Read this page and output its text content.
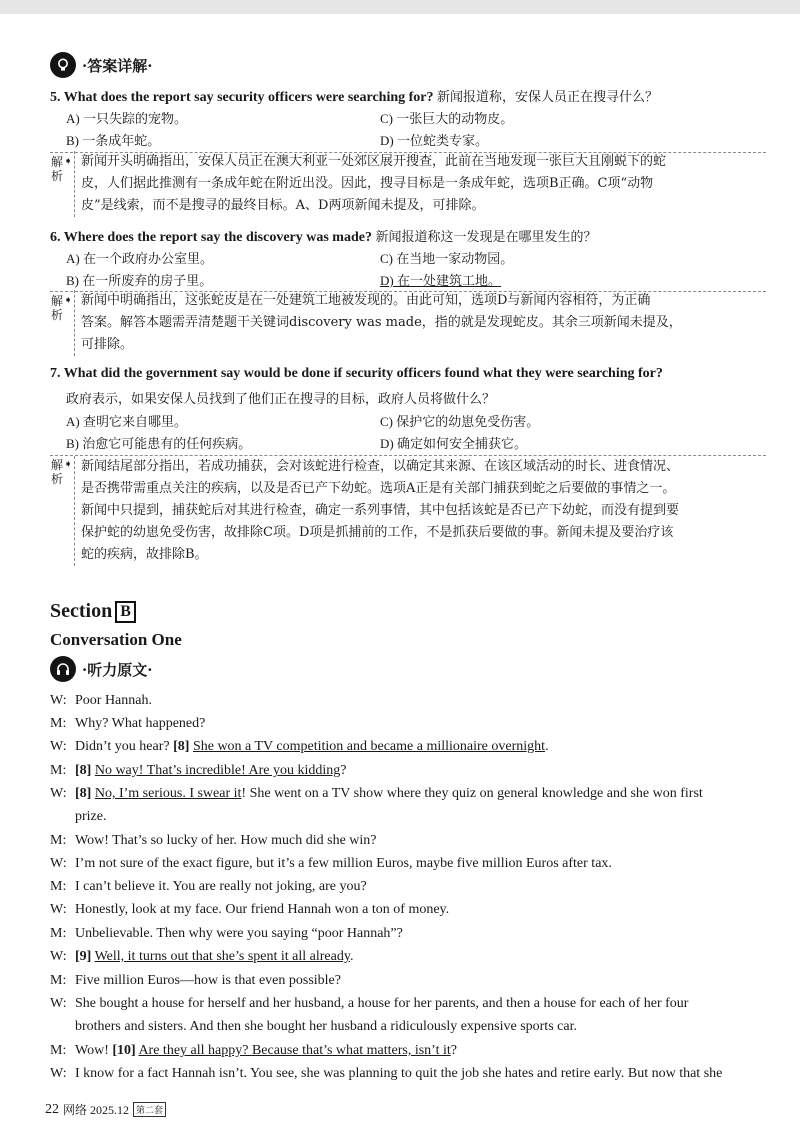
·答案详解·
5. What does the report say security officers were searching for? 新闻报道称，安保人员正在搜寻什么？
A) 一只失踪的宠物。	C) 一张巨大的动物皮。
B) 一条成年蛇。	D) 一位蛇类专家。
解析
➧ 新闻开头明确指出，安保人员正在澳大利亚一处郊区展开搜查，此前在当地发现一张巨大且刚蜕下的蛇
皮，人们据此推测有一条成年蛇在附近出没。因此，搜寻目标是一条成年蛇，选项B正确。C项“动物
皮”是线索，而不是搜寻的最终目标。A、D两项新闻未提及，可排除。
6. Where does the report say the discovery was made? 新闻报道称这一发现是在哪里发生的？
A) 在一个政府办公室里。	C) 在当地一家动物园。
B) 在一所废弃的房子里。	D) 在一处建筑工地。
解析
➧ 新闻中明确指出，这张蛇皮是在一处建筑工地被发现的。由此可知，选项D与新闻内容相符，为正确
答案。解答本题需弄清楚题干关键词discovery was made，指的就是发现蛇皮。其余三项新闻未提及，
可排除。
7. What did the government say would be done if security officers found what they were searching for?
政府表示，如果安保人员找到了他们正在搜寻的目标，政府人员将做什么？
A) 查明它来自哪里。	C) 保护它的幼崽免受伤害。
B) 治愈它可能患有的任何疾病。	D) 确定如何安全捕获它。
解析
➧ 新闻结尾部分指出，若成功捕获，会对该蛇进行检查，以确定其来源、在该区域活动的时长、进食情况、
是否携带需重点关注的疾病，以及是否已产下幼蛇。选项A正是有关部门捕获到蛇之后要做的事情之一。
新闻中只提到，捕获蛇后对其进行检查，确定一系列事情，其中包括该蛇是否已产下幼蛇，而没有提到要
保护蛇的幼崽免受伤害，故排除C项。D项是抓捕前的工作，不是抓获后要做的事。新闻未提及要治疗该
蛇的疾病，故排除B。
Section B
Conversation One
·听力原文·
W: Poor Hannah.
M: Why? What happened?
W: Didn’t you hear? [8] She won a TV competition and became a millionaire overnight.
M: [8] No way! That’s incredible! Are you kidding?
W: [8] No, I’m serious. I swear it! She went on a TV show where they quiz on general knowledge and she won first
prize.
M: Wow! That’s so lucky of her. How much did she win?
W: I’m not sure of the exact figure, but it’s a few million Euros, maybe five million Euros after tax.
M: I can’t believe it. You are really not joking, are you?
W: Honestly, look at my face. Our friend Hannah won a ton of money.
M: Unbelievable. Then why were you saying “poor Hannah”?
W: [9] Well, it turns out that she’s spent it all already.
M: Five million Euros—how is that even possible?
W: She bought a house for herself and her husband, a house for her parents, and then a house for each of her four
brothers and sisters. And then she bought her husband a ridiculously expensive sports car.
M: Wow! [10] Are they all happy? Because that’s what matters, isn’t it?
W: I know for a fact Hannah isn’t. You see, she was planning to quit the job she hates and retire early. But now that she
22 网络 2025.12 第二套
